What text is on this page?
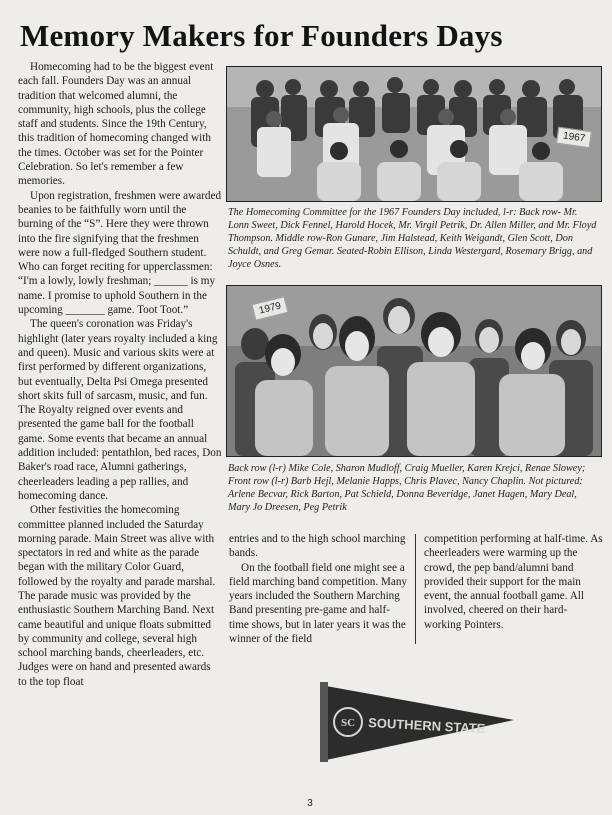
Memory Makers for Founders Days

Homecoming had to be the biggest event each fall. Founders Day was an annual tradition that welcomed alumni, the community, high schools, plus the college staff and students. Since the 19th Century, this tradition of homecoming changed with the times. October was set for the Pointer Celebration. So let's remember a few memories.

Upon registration, freshmen were awarded beanies to be faithfully worn until the burning of the “S”. Here they were thrown into the fire signifying that the freshmen were now a full-fledged Southern student. Who can forget reciting for upperclassmen: “I'm a lowly, lowly freshman; ______ is my name. I promise to uphold Southern in the upcoming _______ game. Toot Toot.”

The queen's coronation was Friday's highlight (later years royalty included a king and queen). Music and various skits were at first performed by different organizations, but eventually, Delta Psi Omega presented short skits full of sarcasm, music, and fun. The Royalty reigned over events and presented the game ball for the football game. Some events that became an annual addition included: pentathlon, bed races, Don Baker's road race, Alumni gatherings, cheerleaders leading a pep rallies, and homecoming dance.

Other festivities the homecoming committee planned included the Saturday morning parade. Main Street was alive with spectators in red and white as the parade began with the military Color Guard, followed by the royalty and parade marshal. The parade music was provided by the enthusiastic Southern Marching Band. Next came beautiful and unique floats submitted by community and college, several high school marching bands, cheerleaders, etc. Judges were on hand and presented awards to the top float

1967
The Homecoming Committee for the 1967 Founders Day included, l-r: Back row- Mr. Lonn Sweet, Dick Fennel, Harold Hocek, Mr. Virgil Petrik, Dr. Allen Miller, and Mr. Floyd Thompson. Middle row-Ron Gunare, Jim Halstead, Keith Weigandt, Glen Scott, Don Schuldt, and Greg Gemar. Seated-Robin Ellison, Linda Westergard, Rosemary Brigg, and Joyce Osnes.
1979
Back row (l-r) Mike Cole, Sharon Mudloff, Craig Mueller, Karen Krejci, Renae Slowey; Front row (l-r) Barb Hejl, Melanie Happs, Chris Plavec, Nancy Chaplin. Not pictured: Arlene Becvar, Rick Barton, Pat Schield, Donna Beveridge, Janet Hagen, Mary Deal, Mary Jo Dreesen, Peg Petrik

entries and to the high school marching bands.

On the football field one might see a field marching band competition. Many years included the Southern Marching Band presenting pre-game and half-time shows, but in later years it was the winner of the field

competition performing at half-time. As cheerleaders were warming up the crowd, the pep band/alumni band provided their support for the main event, the annual football game. All involved, cheered on their hard-working Pointers.

SC SOUTHERN STATE
3
